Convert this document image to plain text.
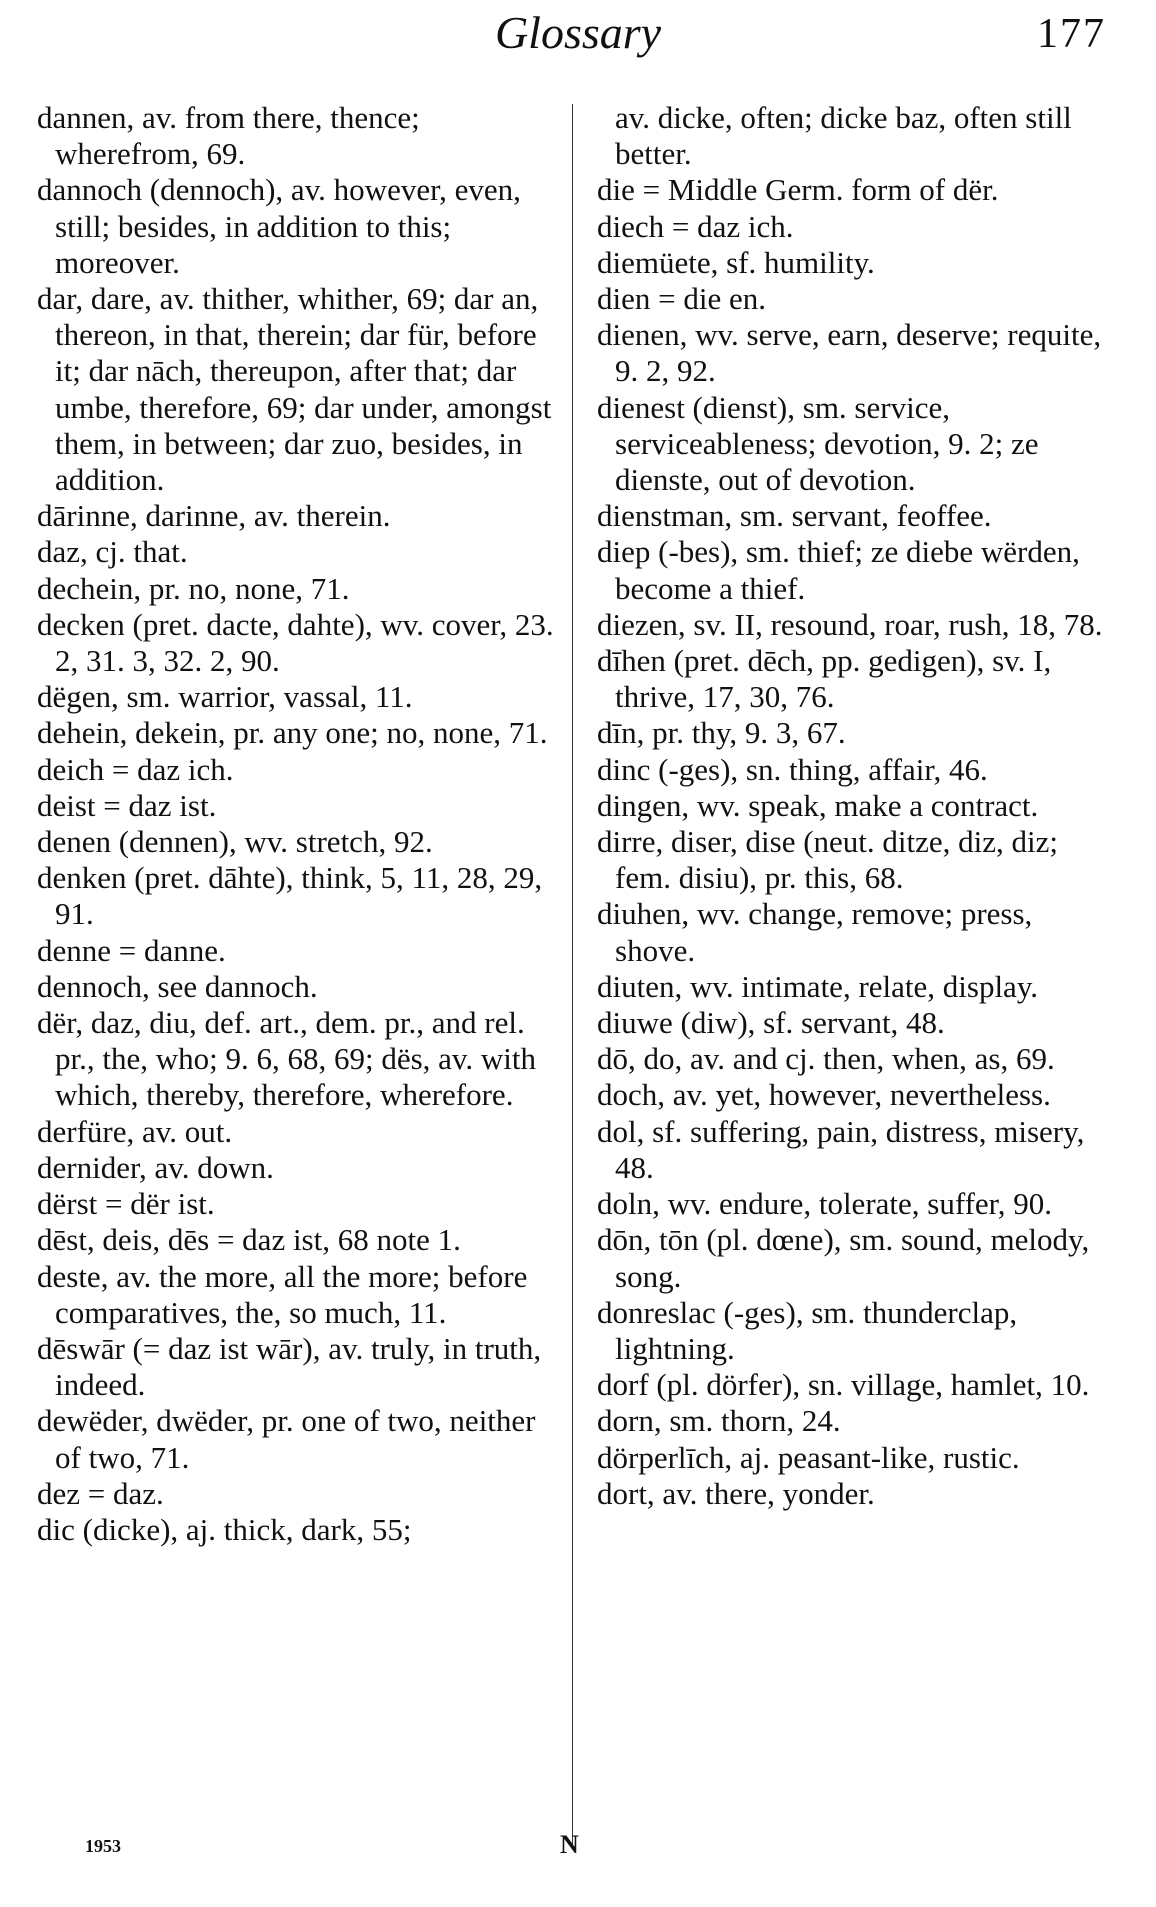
Glossary	177

dannen, av. from there, thence; wherefrom, 69.

dannoch (dennoch), av. however, even, still; besides, in addition to this; moreover.

dar, dare, av. thither, whither, 69; dar an, thereon, in that, therein; dar für, before it; dar nāch, thereupon, after that; dar umbe, therefore, 69; dar under, amongst them, in between; dar zuo, besides, in addition.

dārinne, darinne, av. therein.

daz, cj. that.

dechein, pr. no, none, 71.

decken (pret. dacte, dahte), wv. cover, 23. 2, 31. 3, 32. 2, 90.

dëgen, sm. warrior, vassal, 11.

dehein, dekein, pr. any one; no, none, 71.

deich = daz ich.

deist = daz ist.

denen (dennen), wv. stretch, 92.

denken (pret. dāhte), think, 5, 11, 28, 29, 91.

denne = danne.

dennoch, see dannoch.

dër, daz, diu, def. art., dem. pr., and rel. pr., the, who; 9. 6, 68, 69; dës, av. with which, thereby, therefore, wherefore.

derfüre, av. out.

dernider, av. down.

dërst = dër ist.

dēst, deis, dēs = daz ist, 68 note 1.

deste, av. the more, all the more; before comparatives, the, so much, 11.

dēswār (= daz ist wār), av. truly, in truth, indeed.

dewëder, dwëder, pr. one of two, neither of two, 71.

dez = daz.

dic (dicke), aj. thick, dark, 55;

av. dicke, often; dicke baz, often still better.

die = Middle Germ. form of dër.

diech = daz ich.

diemüete, sf. humility.

dien = die en.

dienen, wv. serve, earn, deserve; requite, 9. 2, 92.

dienest (dienst), sm. service, serviceableness; devotion, 9. 2; ze dienste, out of devotion.

dienstman, sm. servant, feoffee.

diep (-bes), sm. thief; ze diebe wërden, become a thief.

diezen, sv. II, resound, roar, rush, 18, 78.

dīhen (pret. dēch, pp. gedigen), sv. I, thrive, 17, 30, 76.

dīn, pr. thy, 9. 3, 67.

dinc (-ges), sn. thing, affair, 46.

dingen, wv. speak, make a contract.

dirre, diser, dise (neut. ditze, diz, diz; fem. disiu), pr. this, 68.

diuhen, wv. change, remove; press, shove.

diuten, wv. intimate, relate, display.

diuwe (diw), sf. servant, 48.

dō, do, av. and cj. then, when, as, 69.

doch, av. yet, however, nevertheless.

dol, sf. suffering, pain, distress, misery, 48.

doln, wv. endure, tolerate, suffer, 90.

dōn, tōn (pl. dœne), sm. sound, melody, song.

donreslac (-ges), sm. thunderclap, lightning.

dorf (pl. dörfer), sn. village, hamlet, 10.

dorn, sm. thorn, 24.

dörperlīch, aj. peasant-like, rustic.

dort, av. there, yonder.

1953	N
